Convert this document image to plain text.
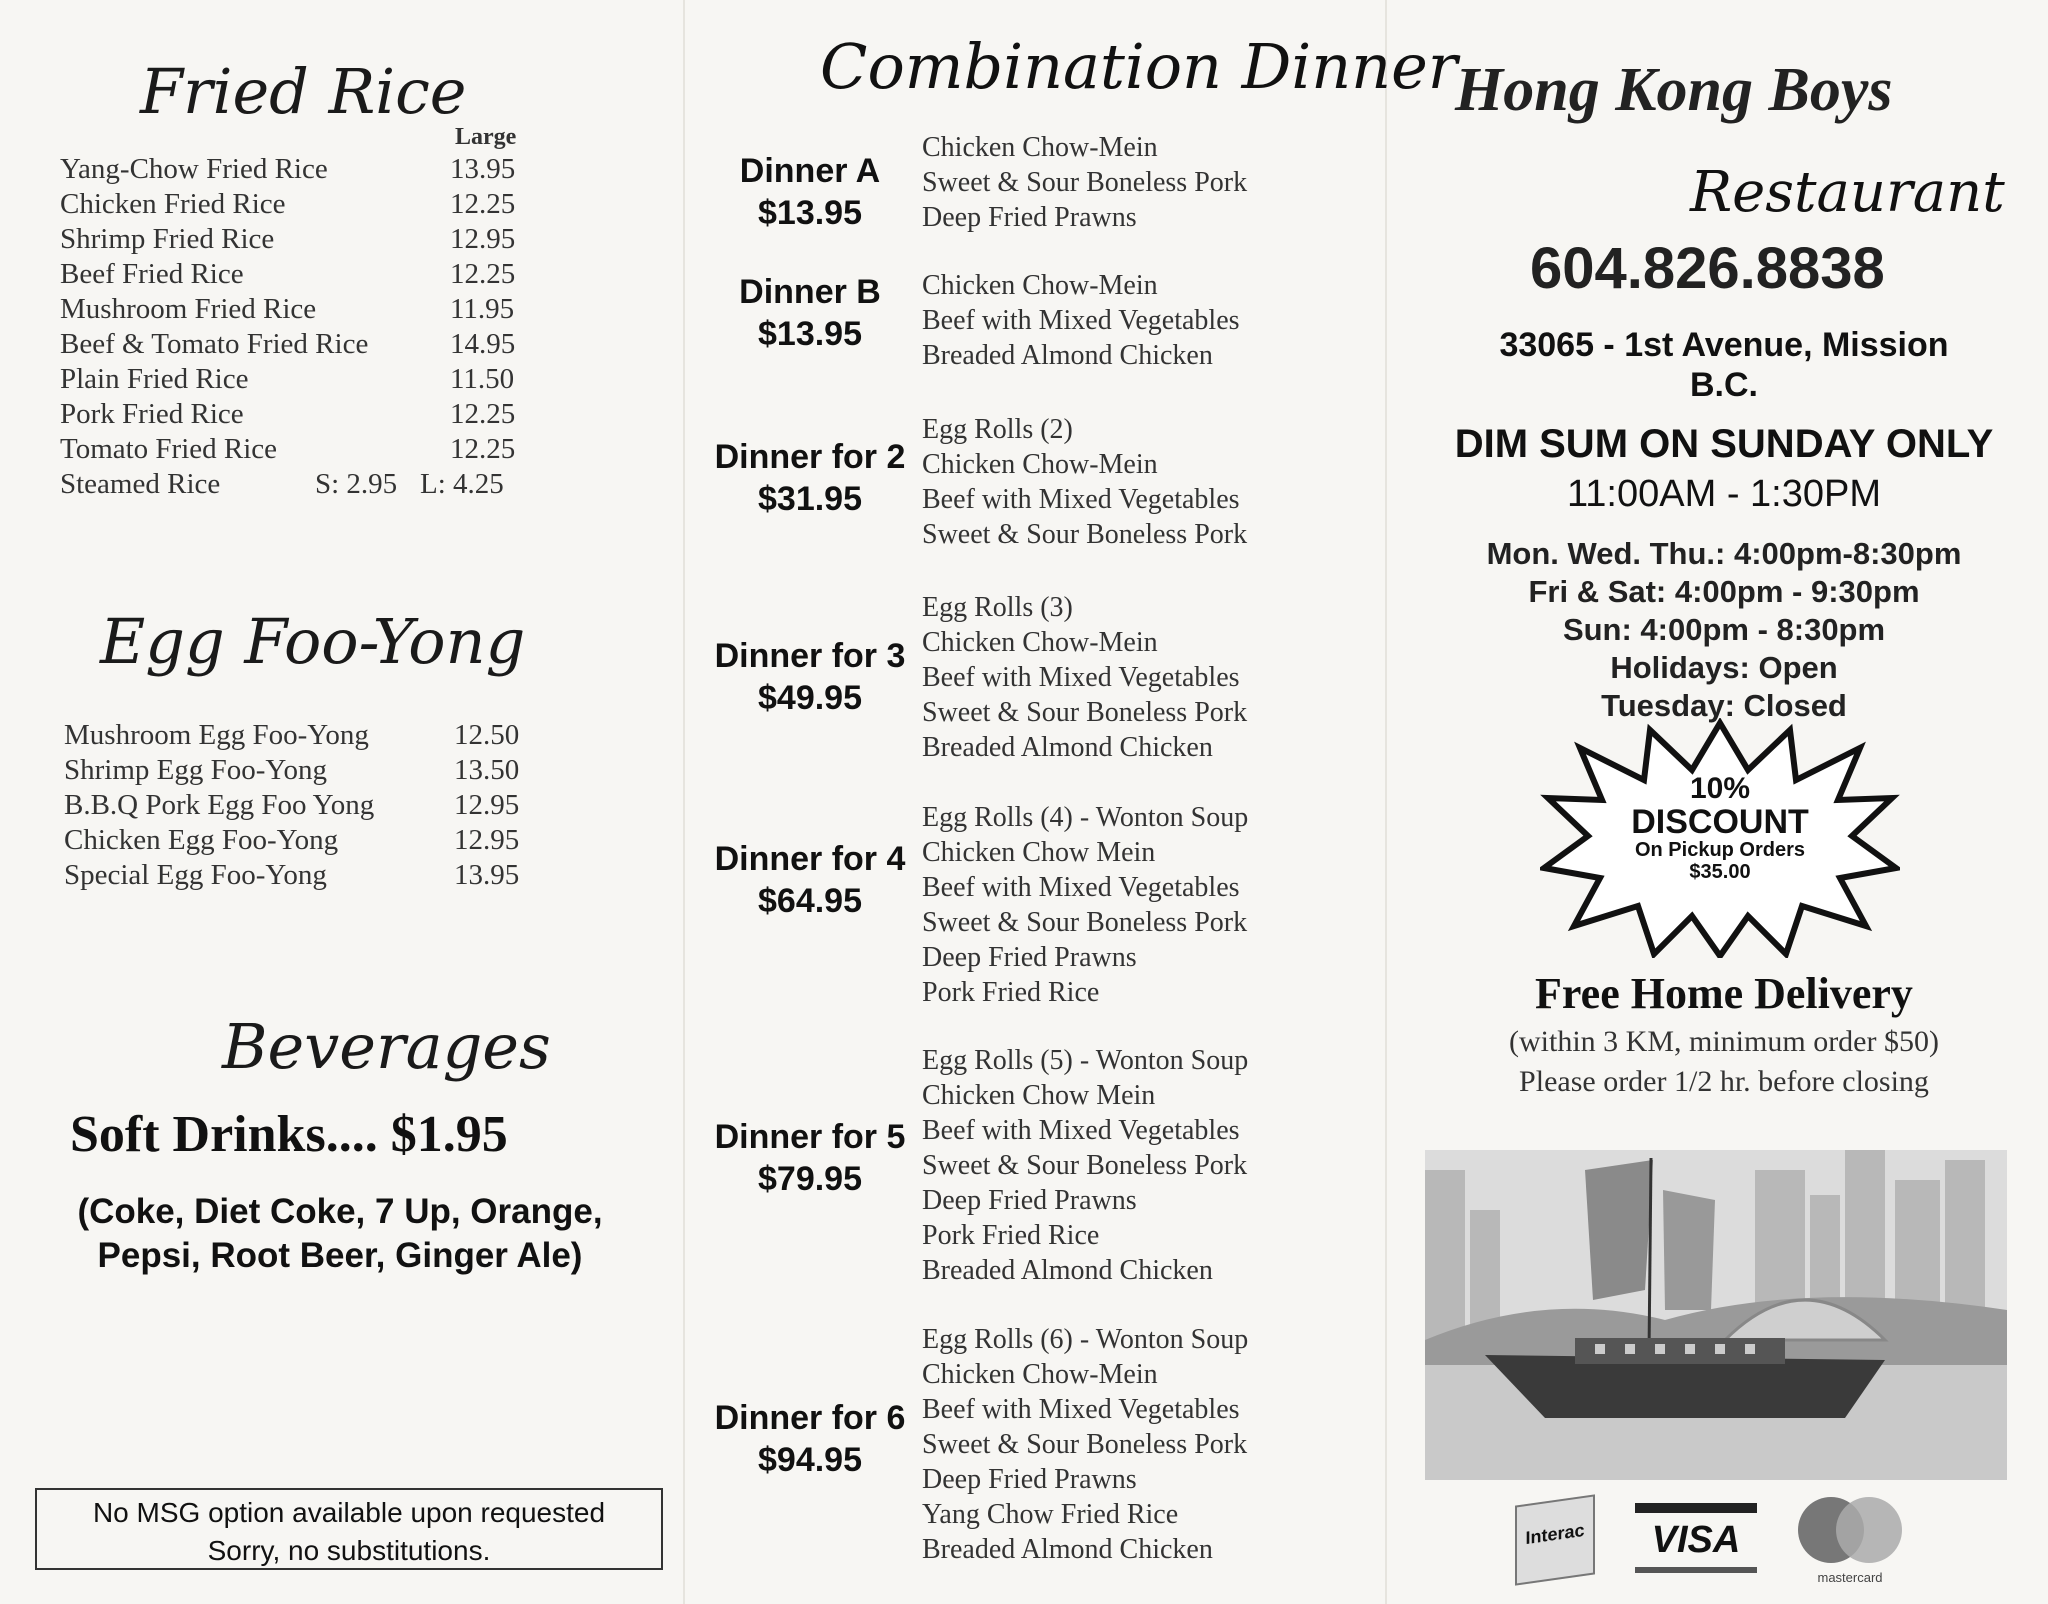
Fried Rice
Large
Yang-Chow Fried Rice	13.95
Chicken Fried Rice	12.25
Shrimp Fried Rice	12.95
Beef Fried Rice	12.25
Mushroom Fried Rice	11.95
Beef & Tomato Fried Rice	14.95
Plain Fried Rice	11.50
Pork Fried Rice	12.25
Tomato Fried Rice	12.25
Steamed Rice	S: 2.95 L: 4.25
Egg Foo-Yong
Mushroom Egg Foo-Yong	12.50
Shrimp Egg Foo-Yong	13.50
B.B.Q Pork Egg Foo Yong	12.95
Chicken Egg Foo-Yong	12.95
Special Egg Foo-Yong	13.95
Beverages
Soft Drinks.... $1.95
(Coke, Diet Coke, 7 Up, Orange,
Pepsi, Root Beer, Ginger Ale)
No MSG option available upon requested
Sorry, no substitutions.
Combination Dinner
Dinner A
$13.95
Chicken Chow-Mein
Sweet & Sour Boneless Pork
Deep Fried Prawns
Dinner B
$13.95
Chicken Chow-Mein
Beef with Mixed Vegetables
Breaded Almond Chicken
Dinner for 2
$31.95
Egg Rolls (2)
Chicken Chow-Mein
Beef with Mixed Vegetables
Sweet & Sour Boneless Pork
Dinner for 3
$49.95
Egg Rolls (3)
Chicken Chow-Mein
Beef with Mixed Vegetables
Sweet & Sour Boneless Pork
Breaded Almond Chicken
Dinner for 4
$64.95
Egg Rolls (4) - Wonton Soup
Chicken Chow Mein
Beef with Mixed Vegetables
Sweet & Sour Boneless Pork
Deep Fried Prawns
Pork Fried Rice
Dinner for 5
$79.95
Egg Rolls (5) - Wonton Soup
Chicken Chow Mein
Beef with Mixed Vegetables
Sweet & Sour Boneless Pork
Deep Fried Prawns
Pork Fried Rice
Breaded Almond Chicken
Dinner for 6
$94.95
Egg Rolls (6) - Wonton Soup
Chicken Chow-Mein
Beef with Mixed Vegetables
Sweet & Sour Boneless Pork
Deep Fried Prawns
Yang Chow Fried Rice
Breaded Almond Chicken
Hong Kong Boys
Restaurant
604.826.8838
33065 - 1st Avenue, Mission
B.C.
DIM SUM ON SUNDAY ONLY
11:00AM - 1:30PM
Mon. Wed. Thu.: 4:00pm-8:30pm
Fri & Sat: 4:00pm - 9:30pm
Sun: 4:00pm - 8:30pm
Holidays: Open
Tuesday: Closed
10%
DISCOUNT
On Pickup Orders
$35.00
Free Home Delivery
(within 3 KM, minimum order $50)
Please order 1/2 hr. before closing
Interac	VISA
mastercard
